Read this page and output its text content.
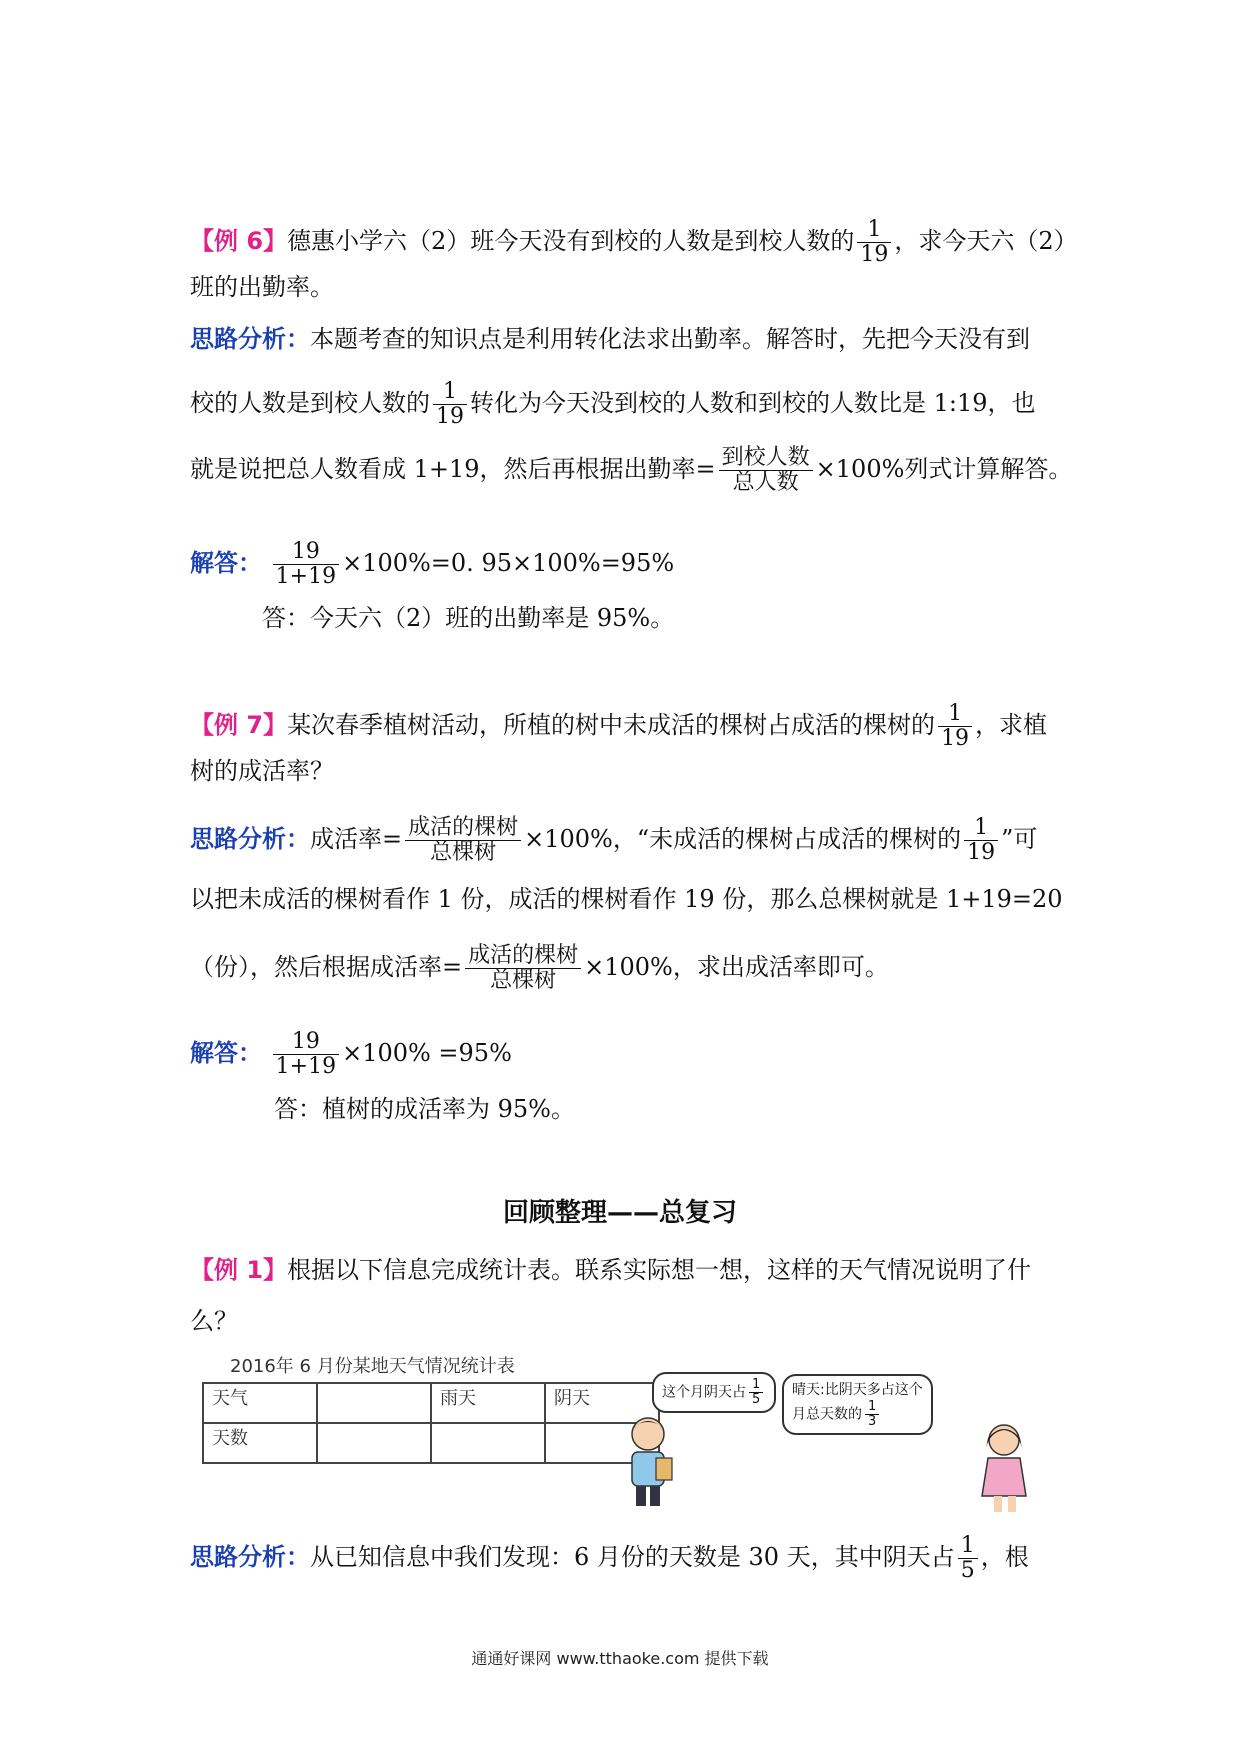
【例 6】德惠小学六（2）班今天没有到校的人数是到校人数的 $\frac{1}{19}$ ，求今天六（2）
班的出勤率。
思路分析：本题考查的知识点是利用转化法求出勤率。解答时，先把今天没有到
校的人数是到校人数的 $\frac{1}{19}$ 转化为今天没到校的人数和到校的人数比是 1:19，也
就是说把总人数看成 1+19，然后再根据出勤率= $\frac{\text{到校人数}}{\text{总人数}} \times 100\%$列式计算解答。
解答： $\frac{19}{1+19} \times 100\%=0$. 95×100%=95%
答：今天六（2）班的出勤率是 95%。
【例 7】某次春季植树活动，所植的树中未成活的棵树占成活的棵树的 $\frac{1}{19}$ ，求植
树的成活率？
思路分析：成活率= $\frac{\text{成活的棵树}}{\text{总棵树}} \times 100\%$，“未成活的棵树占成活的棵树的 $\frac{1}{19}$ ”可
以把未成活的棵树看作 1 份，成活的棵树看作 19 份，那么总棵树就是 1+19=20
（份），然后根据成活率= $\frac{\text{成活的棵树}}{\text{总棵树}} \times 100\%$，求出成活率即可。
解答： $\frac{19}{1+19} \times 100\% =95\%$
答：植树的成活率为 95%。
回顾整理——总复习
【例 1】根据以下信息完成统计表。联系实际想一想，这样的天气情况说明了什
么？
2016年 6 月份某地天气情况统计表
天气		雨天	阴天
天数			
这个月阴天占 $\frac{1}{5}$ 晴天:比阴天多占这个
月总天数的 $\frac{1}{3}$
思路分析：从已知信息中我们发现：6 月份的天数是 30 天，其中阴天占 $\frac{1}{5}$ ，根
通通好课网 www.tthaoke.com 提供下载
